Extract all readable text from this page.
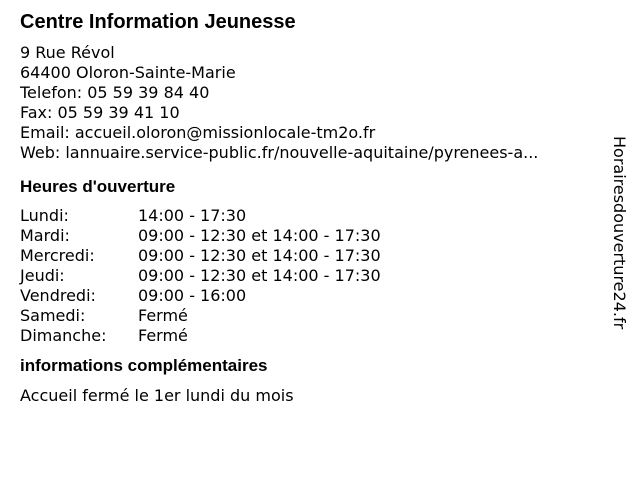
Centre Information Jeunesse
9 Rue Révol
64400 Oloron-Sainte-Marie
Telefon: 05 59 39 84 40
Fax: 05 59 39 41 10
Email: accueil.oloron@missionlocale-tm2o.fr
Web: lannuaire.service-public.fr/nouvelle-aquitaine/pyrenees-a...
Heures d'ouverture
Lundi:	14:00 - 17:30
Mardi:	09:00 - 12:30 et 14:00 - 17:30
Mercredi:	09:00 - 12:30 et 14:00 - 17:30
Jeudi:	09:00 - 12:30 et 14:00 - 17:30
Vendredi:	09:00 - 16:00
Samedi:	Fermé
Dimanche:	Fermé
informations complémentaires
Accueil fermé le 1er lundi du mois
Horairesdouverture24.fr
